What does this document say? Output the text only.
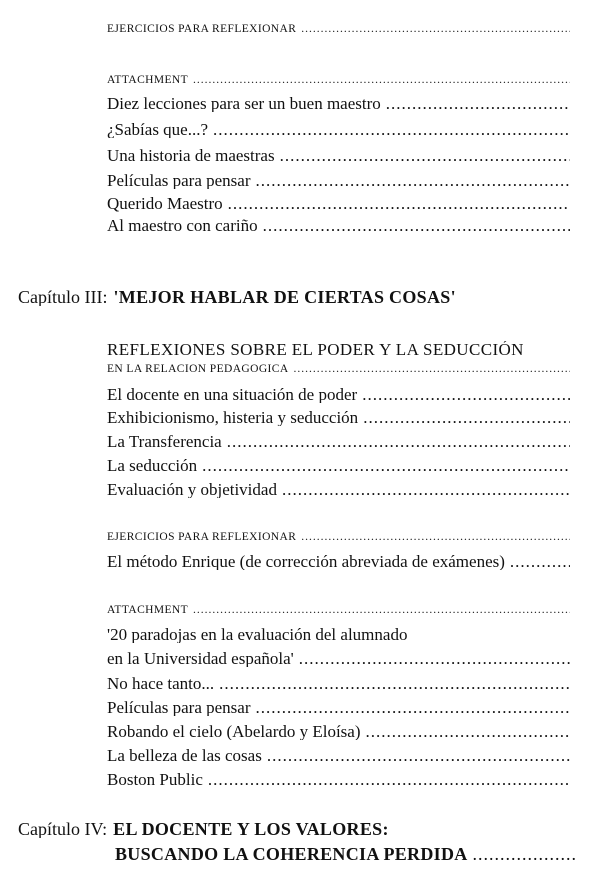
EJERCICIOS PARA REFLEXIONAR
.....
ATTACHMENT
.....
Diez lecciones para ser un buen maestro
.....
¿Sabías que...?
.....
Una historia de maestras
.....
Películas para pensar
.....
Querido Maestro
.....
Al maestro con cariño
.....
Capítulo III: 'MEJOR HABLAR DE CIERTAS COSAS'
REFLEXIONES SOBRE EL PODER Y LA SEDUCCIÓN
EN LA RELACIÓN PEDAGÓGICA
.....
El docente en una situación de poder
.....
Exhibicionismo, histeria y seducción
.....
La Transferencia
.....
La seducción
.....
Evaluación y objetividad
.....
EJERCICIOS PARA REFLEXIONAR
.....
El método Enrique (de corrección abreviada de exámenes)
.....
ATTACHMENT
.....
'20 paradojas en la evaluación del alumnado
en la Universidad española'
.....
No hace tanto...
.....
Películas para pensar
.....
Robando el cielo (Abelardo y Eloísa)
.....
La belleza de las cosas
.....
Boston Public
.....
Capítulo IV: EL DOCENTE Y LOS VALORES:
BUSCANDO LA COHERENCIA PERDIDA
.....
